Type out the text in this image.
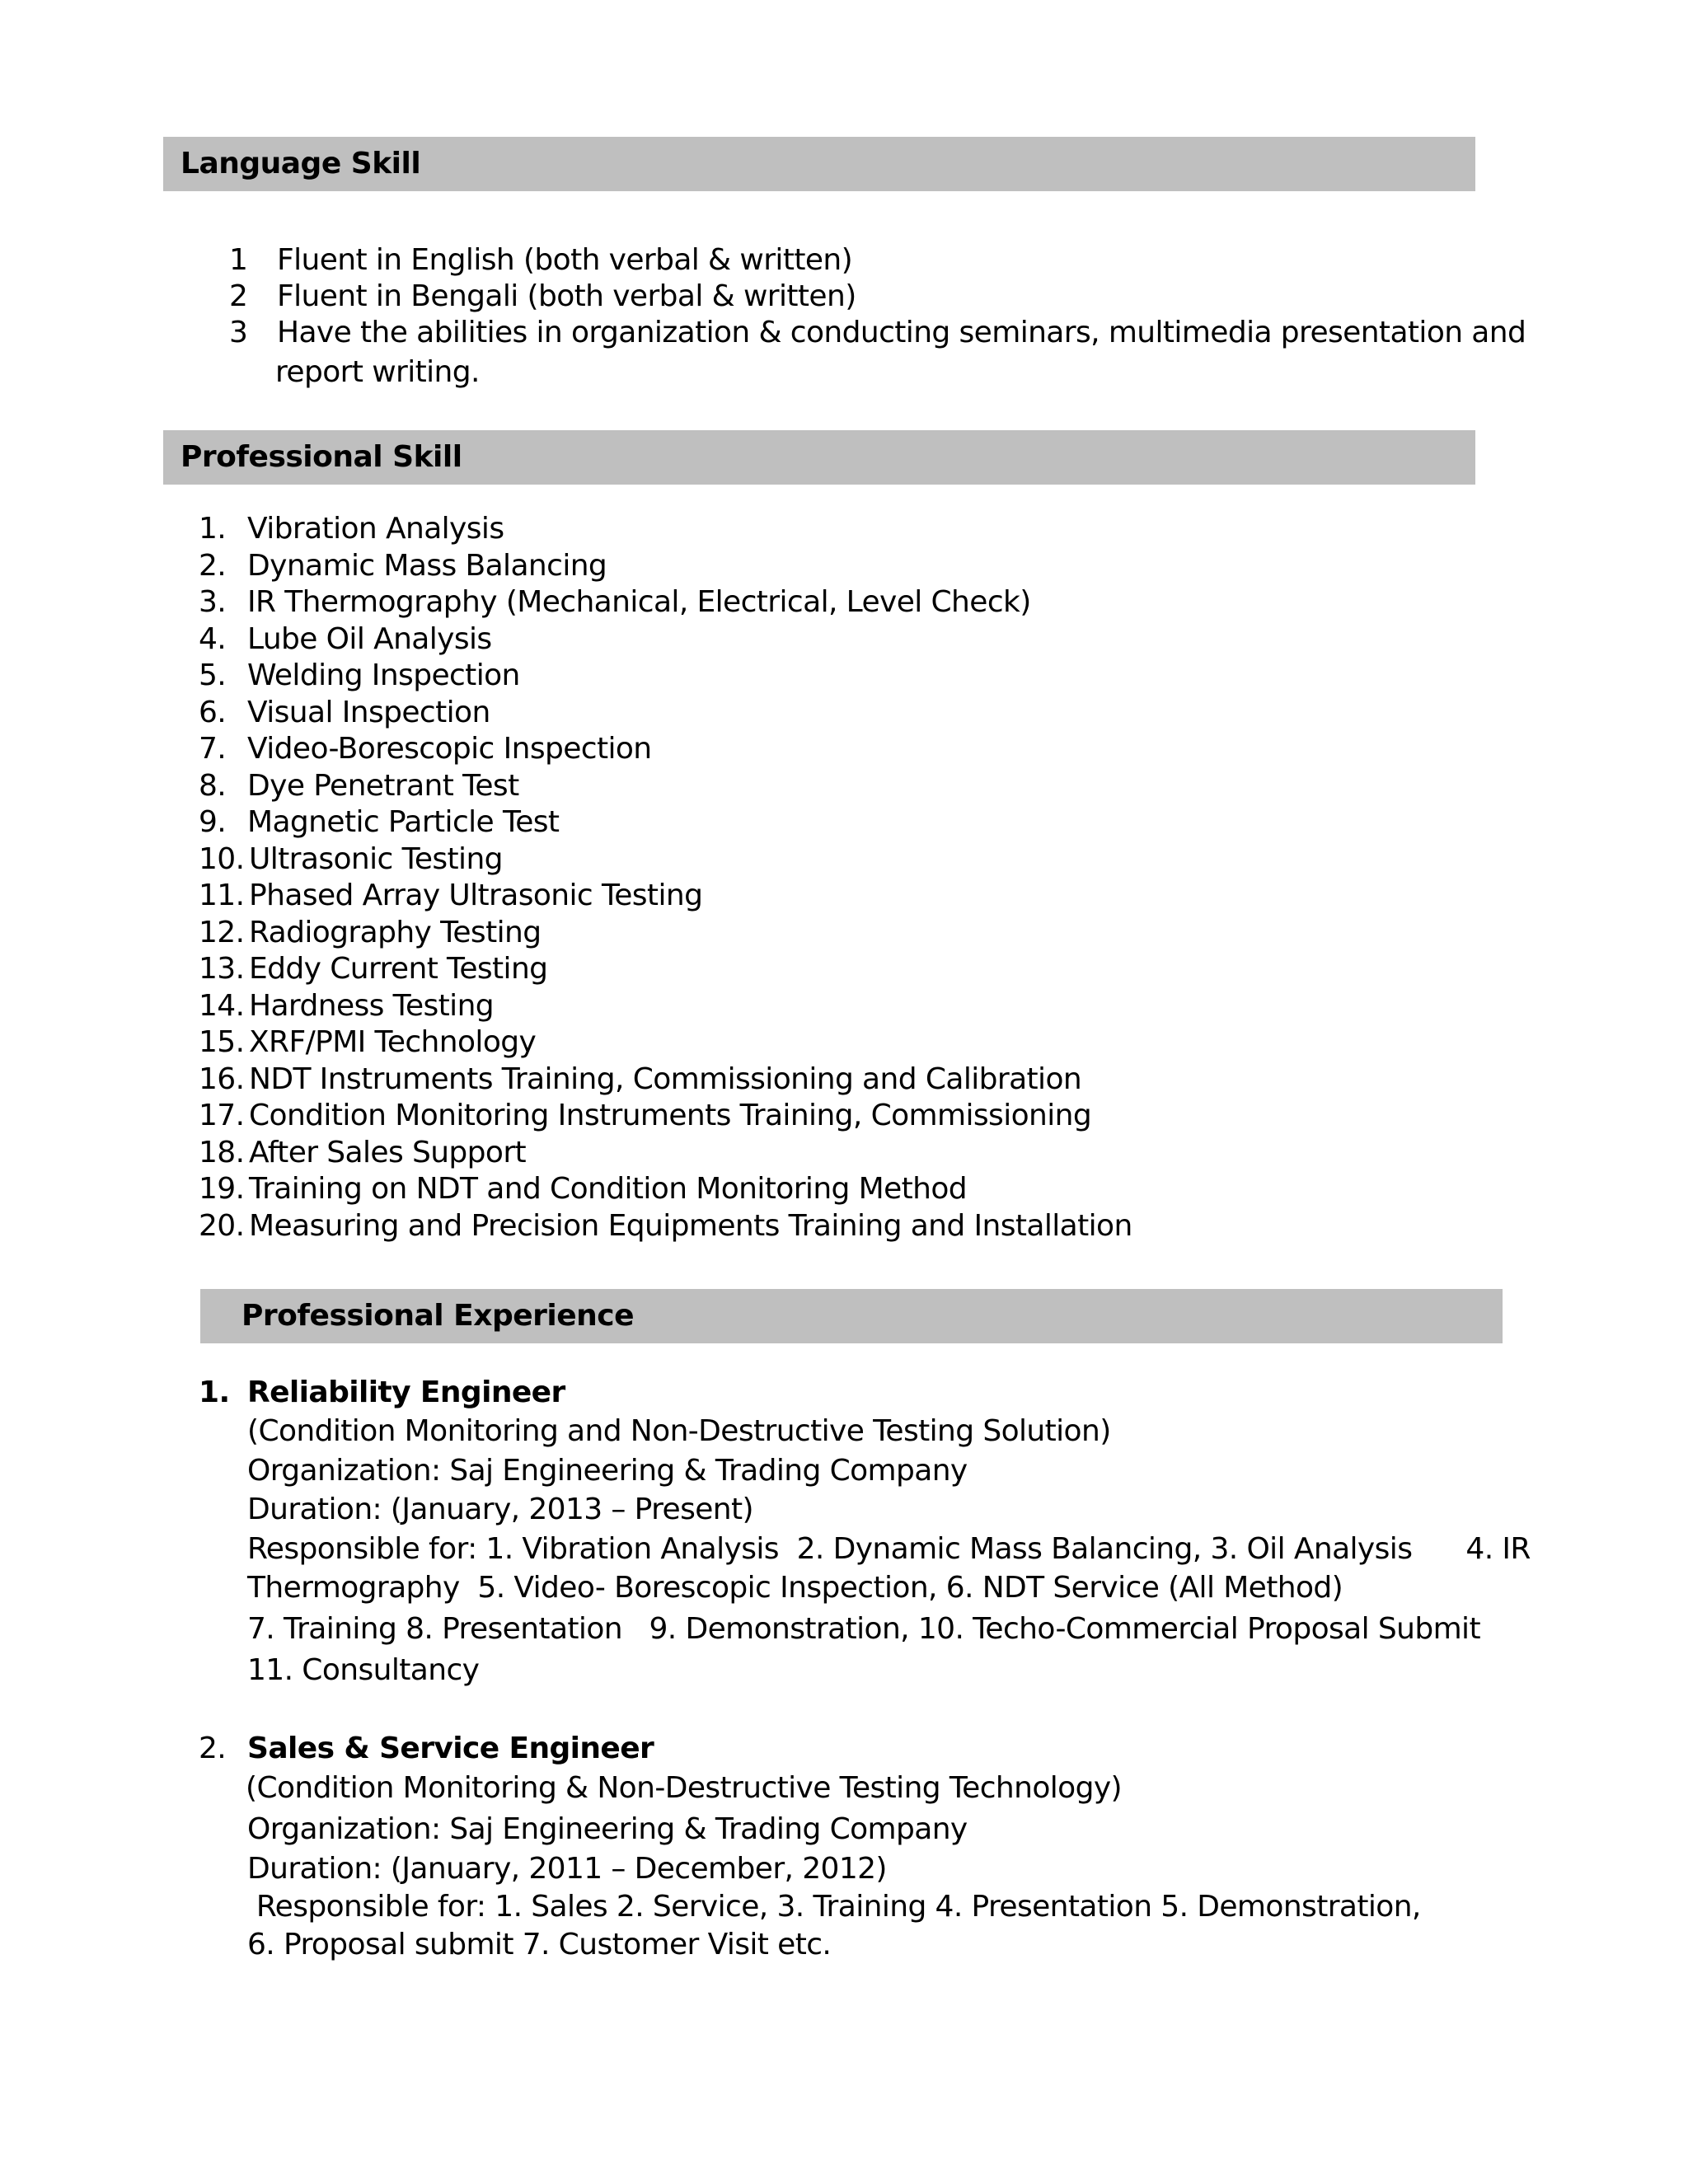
Language Skill
1 Fluent in English (both verbal & written)
2 Fluent in Bengali (both verbal & written)
3 Have the abilities in organization & conducting seminars, multimedia presentation and
report writing.
Professional Skill
1. Vibration Analysis
2. Dynamic Mass Balancing
3. IR Thermography (Mechanical, Electrical, Level Check)
4. Lube Oil Analysis
5. Welding Inspection
6. Visual Inspection
7. Video-Borescopic Inspection
8. Dye Penetrant Test
9. Magnetic Particle Test
10. Ultrasonic Testing
11. Phased Array Ultrasonic Testing
12. Radiography Testing
13. Eddy Current Testing
14. Hardness Testing
15. XRF/PMI Technology
16. NDT Instruments Training, Commissioning and Calibration
17. Condition Monitoring Instruments Training, Commissioning
18. After Sales Support
19. Training on NDT and Condition Monitoring Method
20. Measuring and Precision Equipments Training and Installation
Professional Experience
1. Reliability Engineer
(Condition Monitoring and Non-Destructive Testing Solution)
Organization: Saj Engineering & Trading Company
Duration: (January, 2013 – Present)
Responsible for: 1. Vibration Analysis  2. Dynamic Mass Balancing, 3. Oil Analysis      4. IR
Thermography  5. Video- Borescopic Inspection, 6. NDT Service (All Method)
7. Training 8. Presentation   9. Demonstration, 10. Techo-Commercial Proposal Submit
11. Consultancy
2. Sales & Service Engineer
(Condition Monitoring & Non-Destructive Testing Technology)
Organization: Saj Engineering & Trading Company
Duration: (January, 2011 – December, 2012)
Responsible for: 1. Sales 2. Service, 3. Training 4. Presentation 5. Demonstration,
6. Proposal submit 7. Customer Visit etc.
